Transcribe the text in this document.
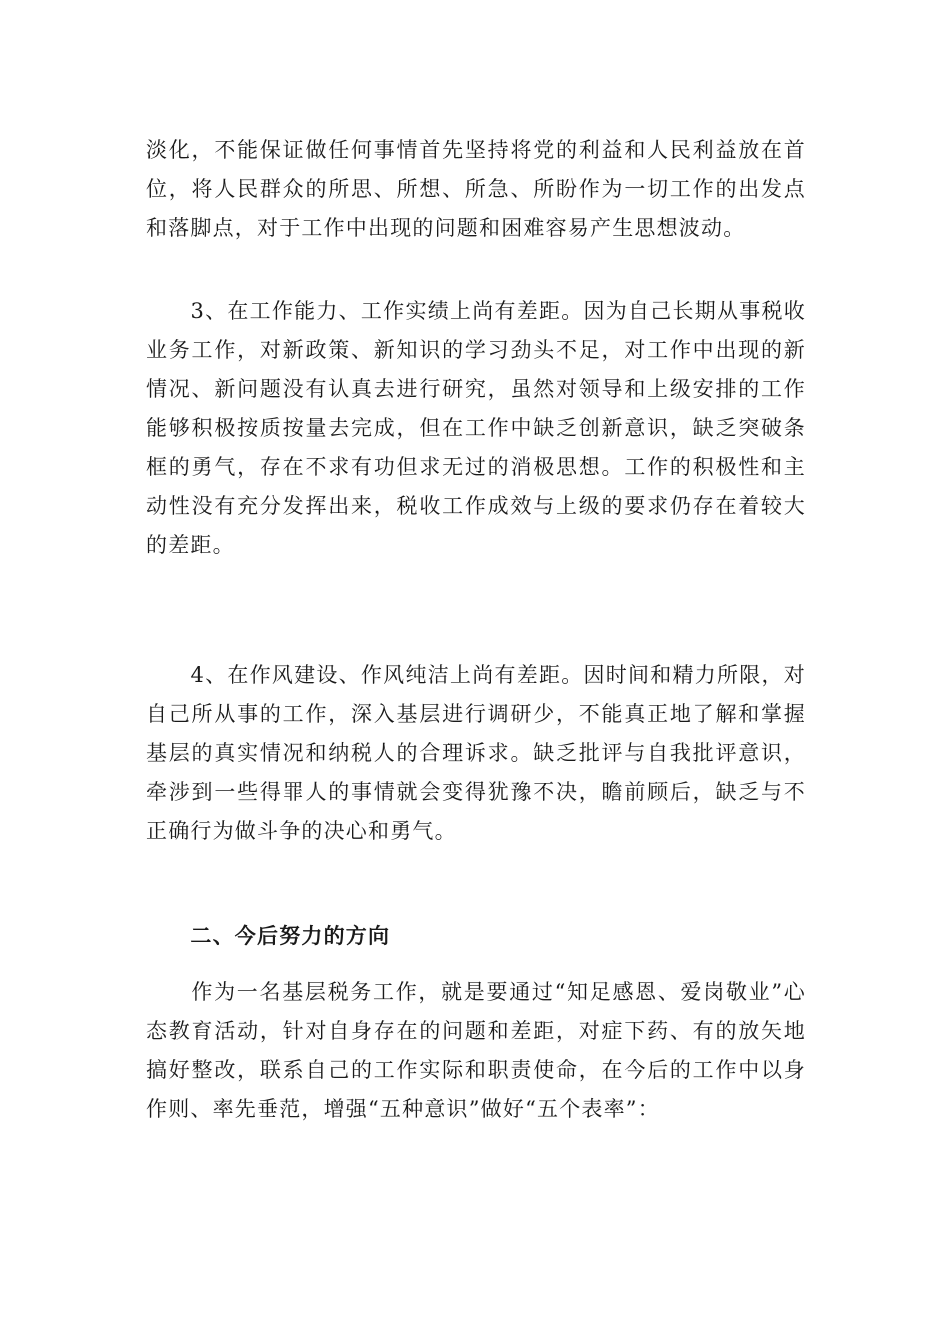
淡化，不能保证做任何事情首先坚持将党的利益和人民利益放在首位，将人民群众的所思、所想、所急、所盼作为一切工作的出发点和落脚点，对于工作中出现的问题和困难容易产生思想波动。

　　3、在工作能力、工作实绩上尚有差距。因为自己长期从事税收业务工作，对新政策、新知识的学习劲头不足，对工作中出现的新情况、新问题没有认真去进行研究，虽然对领导和上级安排的工作能够积极按质按量去完成，但在工作中缺乏创新意识，缺乏突破条框的勇气，存在不求有功但求无过的消极思想。工作的积极性和主动性没有充分发挥出来，税收工作成效与上级的要求仍存在着较大的差距。

　　4、在作风建设、作风纯洁上尚有差距。因时间和精力所限，对自己所从事的工作，深入基层进行调研少，不能真正地了解和掌握基层的真实情况和纳税人的合理诉求。缺乏批评与自我批评意识，牵涉到一些得罪人的事情就会变得犹豫不决，瞻前顾后，缺乏与不正确行为做斗争的决心和勇气。

　　二、今后努力的方向

　　作为一名基层税务工作，就是要通过“知足感恩、爱岗敬业”心态教育活动，针对自身存在的问题和差距，对症下药、有的放矢地搞好整改，联系自己的工作实际和职责使命，在今后的工作中以身作则、率先垂范，增强“五种意识”做好“五个表率”：
